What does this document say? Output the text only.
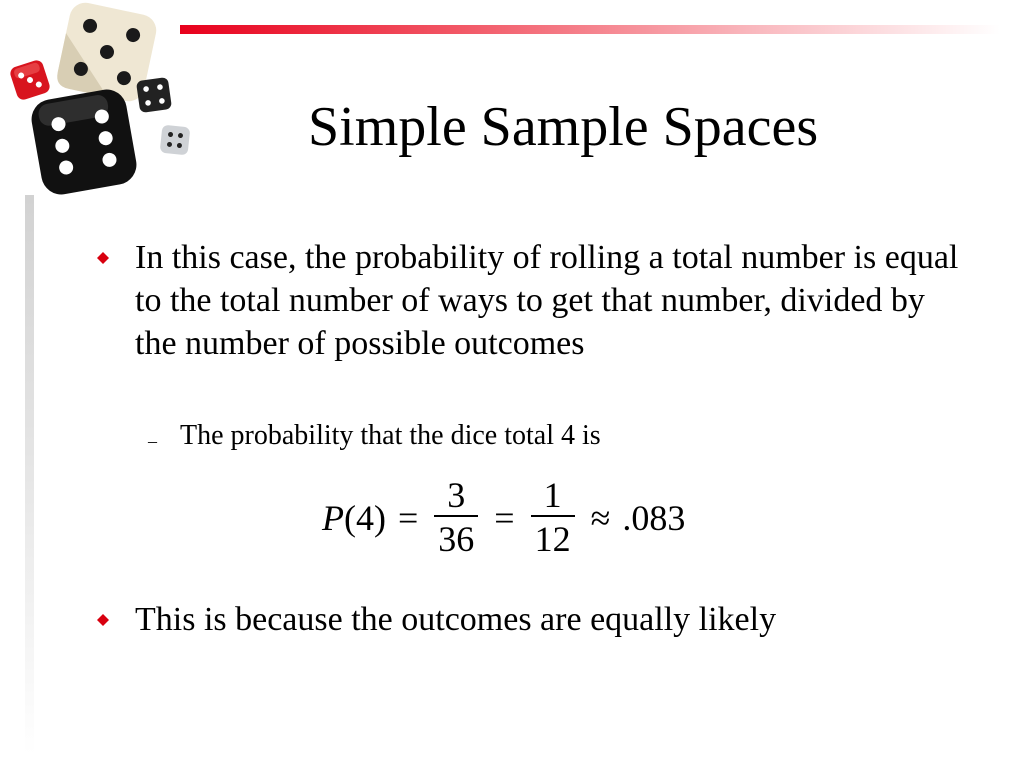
Simple Sample Spaces
In this case, the probability of rolling a total number is equal to the total number of ways to get that number, divided by the number of possible outcomes
– The probability that the dice total 4 is
P $(4) = \frac{3}{36} = \frac{1}{12} \approx .083$
This is because the outcomes are equally likely
